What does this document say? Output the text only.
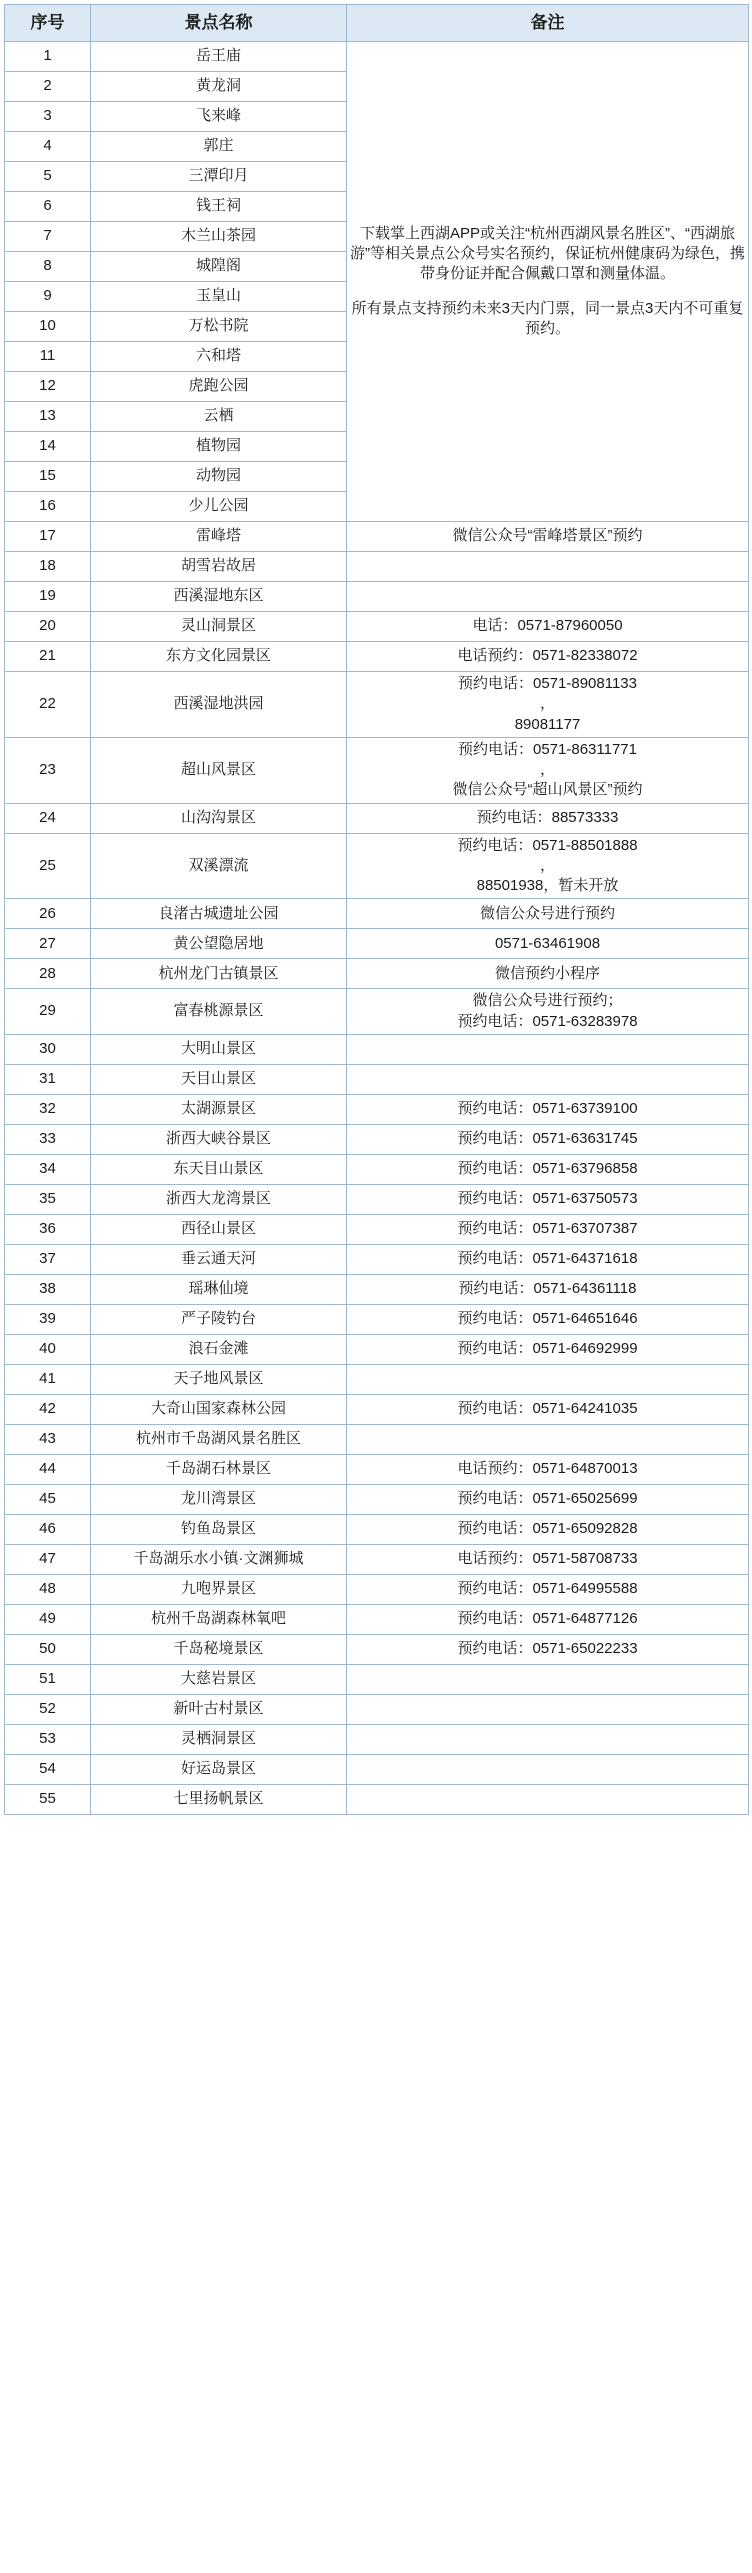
序号	景点名称	备注
1	岳王庙	下载掌上西湖APP或关注“杭州西湖风景名胜区”、“西湖旅游”等相关景点公众号实名预约，保证杭州健康码为绿色，携带身份证并配合佩戴口罩和测量体温。

所有景点支持预约未来3天内门票，同一景点3天内不可重复预约。

2	黄龙洞	
3	飞来峰	
4	郭庄	
5	三潭印月	
6	钱王祠	
7	木兰山茶园	
8	城隍阁	
9	玉皇山	
10	万松书院	
11	六和塔	
12	虎跑公园	
13	云栖	
14	植物园	
15	动物园	
16	少儿公园	
17	雷峰塔	微信公众号“雷峰塔景区”预约
18	胡雪岩故居	
19	西溪湿地东区	
20	灵山洞景区	电话：0571-87960050
21	东方文化园景区	电话预约：0571-82338072
22	西溪湿地洪园	预约电话：0571-89081133
，
89081177

23	超山风景区	预约电话：0571-86311771
，
微信公众号“超山风景区”预约

24	山沟沟景区	预约电话：88573333
25	双溪漂流	预约电话：0571-88501888
，
88501938，暂未开放

26	良渚古城遗址公园	微信公众号进行预约
27	黄公望隐居地	0571-63461908
28	杭州龙门古镇景区	微信预约小程序
29	富春桃源景区	微信公众号进行预约；
预约电话：0571-63283978

30	大明山景区	
31	天目山景区	
32	太湖源景区	预约电话：0571-63739100
33	浙西大峡谷景区	预约电话：0571-63631745
34	东天目山景区	预约电话：0571-63796858
35	浙西大龙湾景区	预约电话：0571-63750573
36	西径山景区	预约电话：0571-63707387
37	垂云通天河	预约电话：0571-64371618
38	瑶琳仙境	预约电话：0571-64361118
39	严子陵钓台	预约电话：0571-64651646
40	浪石金滩	预约电话：0571-64692999
41	天子地风景区	
42	大奇山国家森林公园	预约电话：0571-64241035
43	杭州市千岛湖风景名胜区	
44	千岛湖石林景区	电话预约：0571-64870013
45	龙川湾景区	预约电话：0571-65025699
46	钓鱼岛景区	预约电话：0571-65092828
47	千岛湖乐水小镇·文渊狮城	电话预约：0571-58708733
48	九咆界景区	预约电话：0571-64995588
49	杭州千岛湖森林氧吧	预约电话：0571-64877126
50	千岛秘境景区	预约电话：0571-65022233
51	大慈岩景区	
52	新叶古村景区	
53	灵栖洞景区	
54	好运岛景区	
55	七里扬帆景区	
